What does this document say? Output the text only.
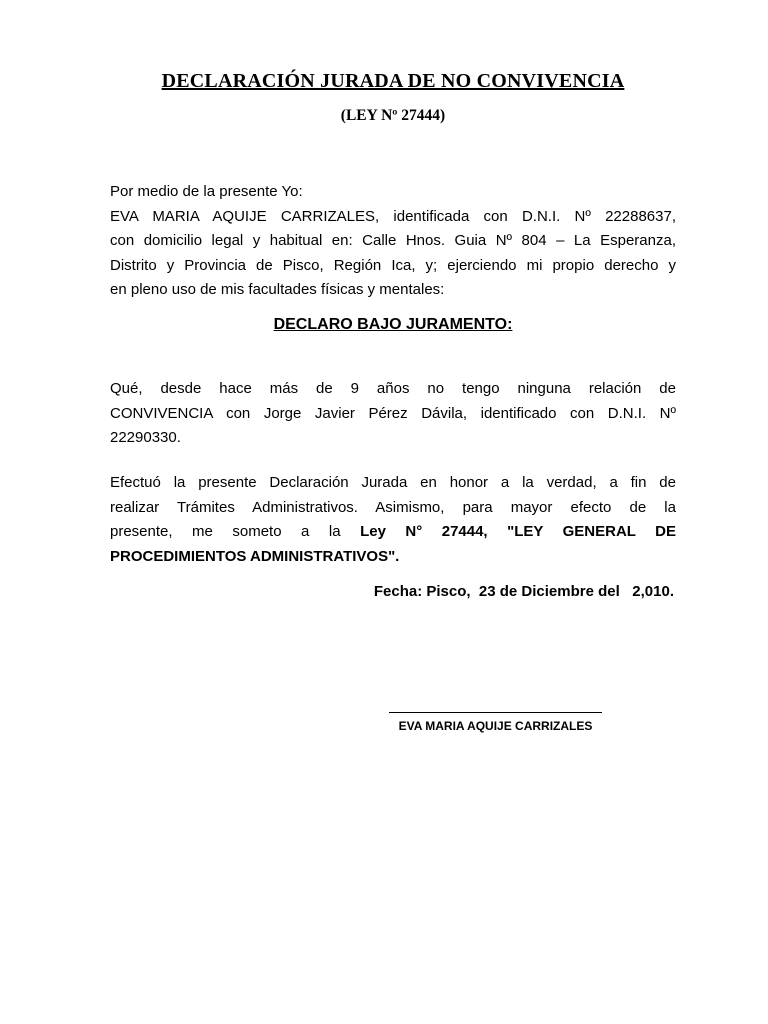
DECLARACIÓN JURADA DE NO CONVIVENCIA
(LEY Nº 27444)
Por medio de la presente Yo:
EVA MARIA AQUIJE CARRIZALES, identificada con D.N.I. Nº 22288637,
con domicilio legal y habitual en: Calle Hnos. Guia Nº 804 – La Esperanza,
Distrito y Provincia de Pisco, Región Ica, y; ejerciendo mi propio derecho y
en pleno uso de mis facultades físicas y mentales:
DECLARO BAJO JURAMENTO:
Qué, desde hace más de 9 años no tengo ninguna relación de
CONVIVENCIA con Jorge Javier Pérez Dávila, identificado con D.N.I. Nº
22290330.
Efectuó la presente Declaración Jurada en honor a la verdad, a fin de
realizar Trámites Administrativos. Asimismo, para mayor efecto de la
presente, me someto a la Ley N° 27444, "LEY GENERAL DE
PROCEDIMIENTOS ADMINISTRATIVOS".
Fecha: Pisco,  23 de Diciembre del   2,010.
EVA MARIA AQUIJE CARRIZALES
